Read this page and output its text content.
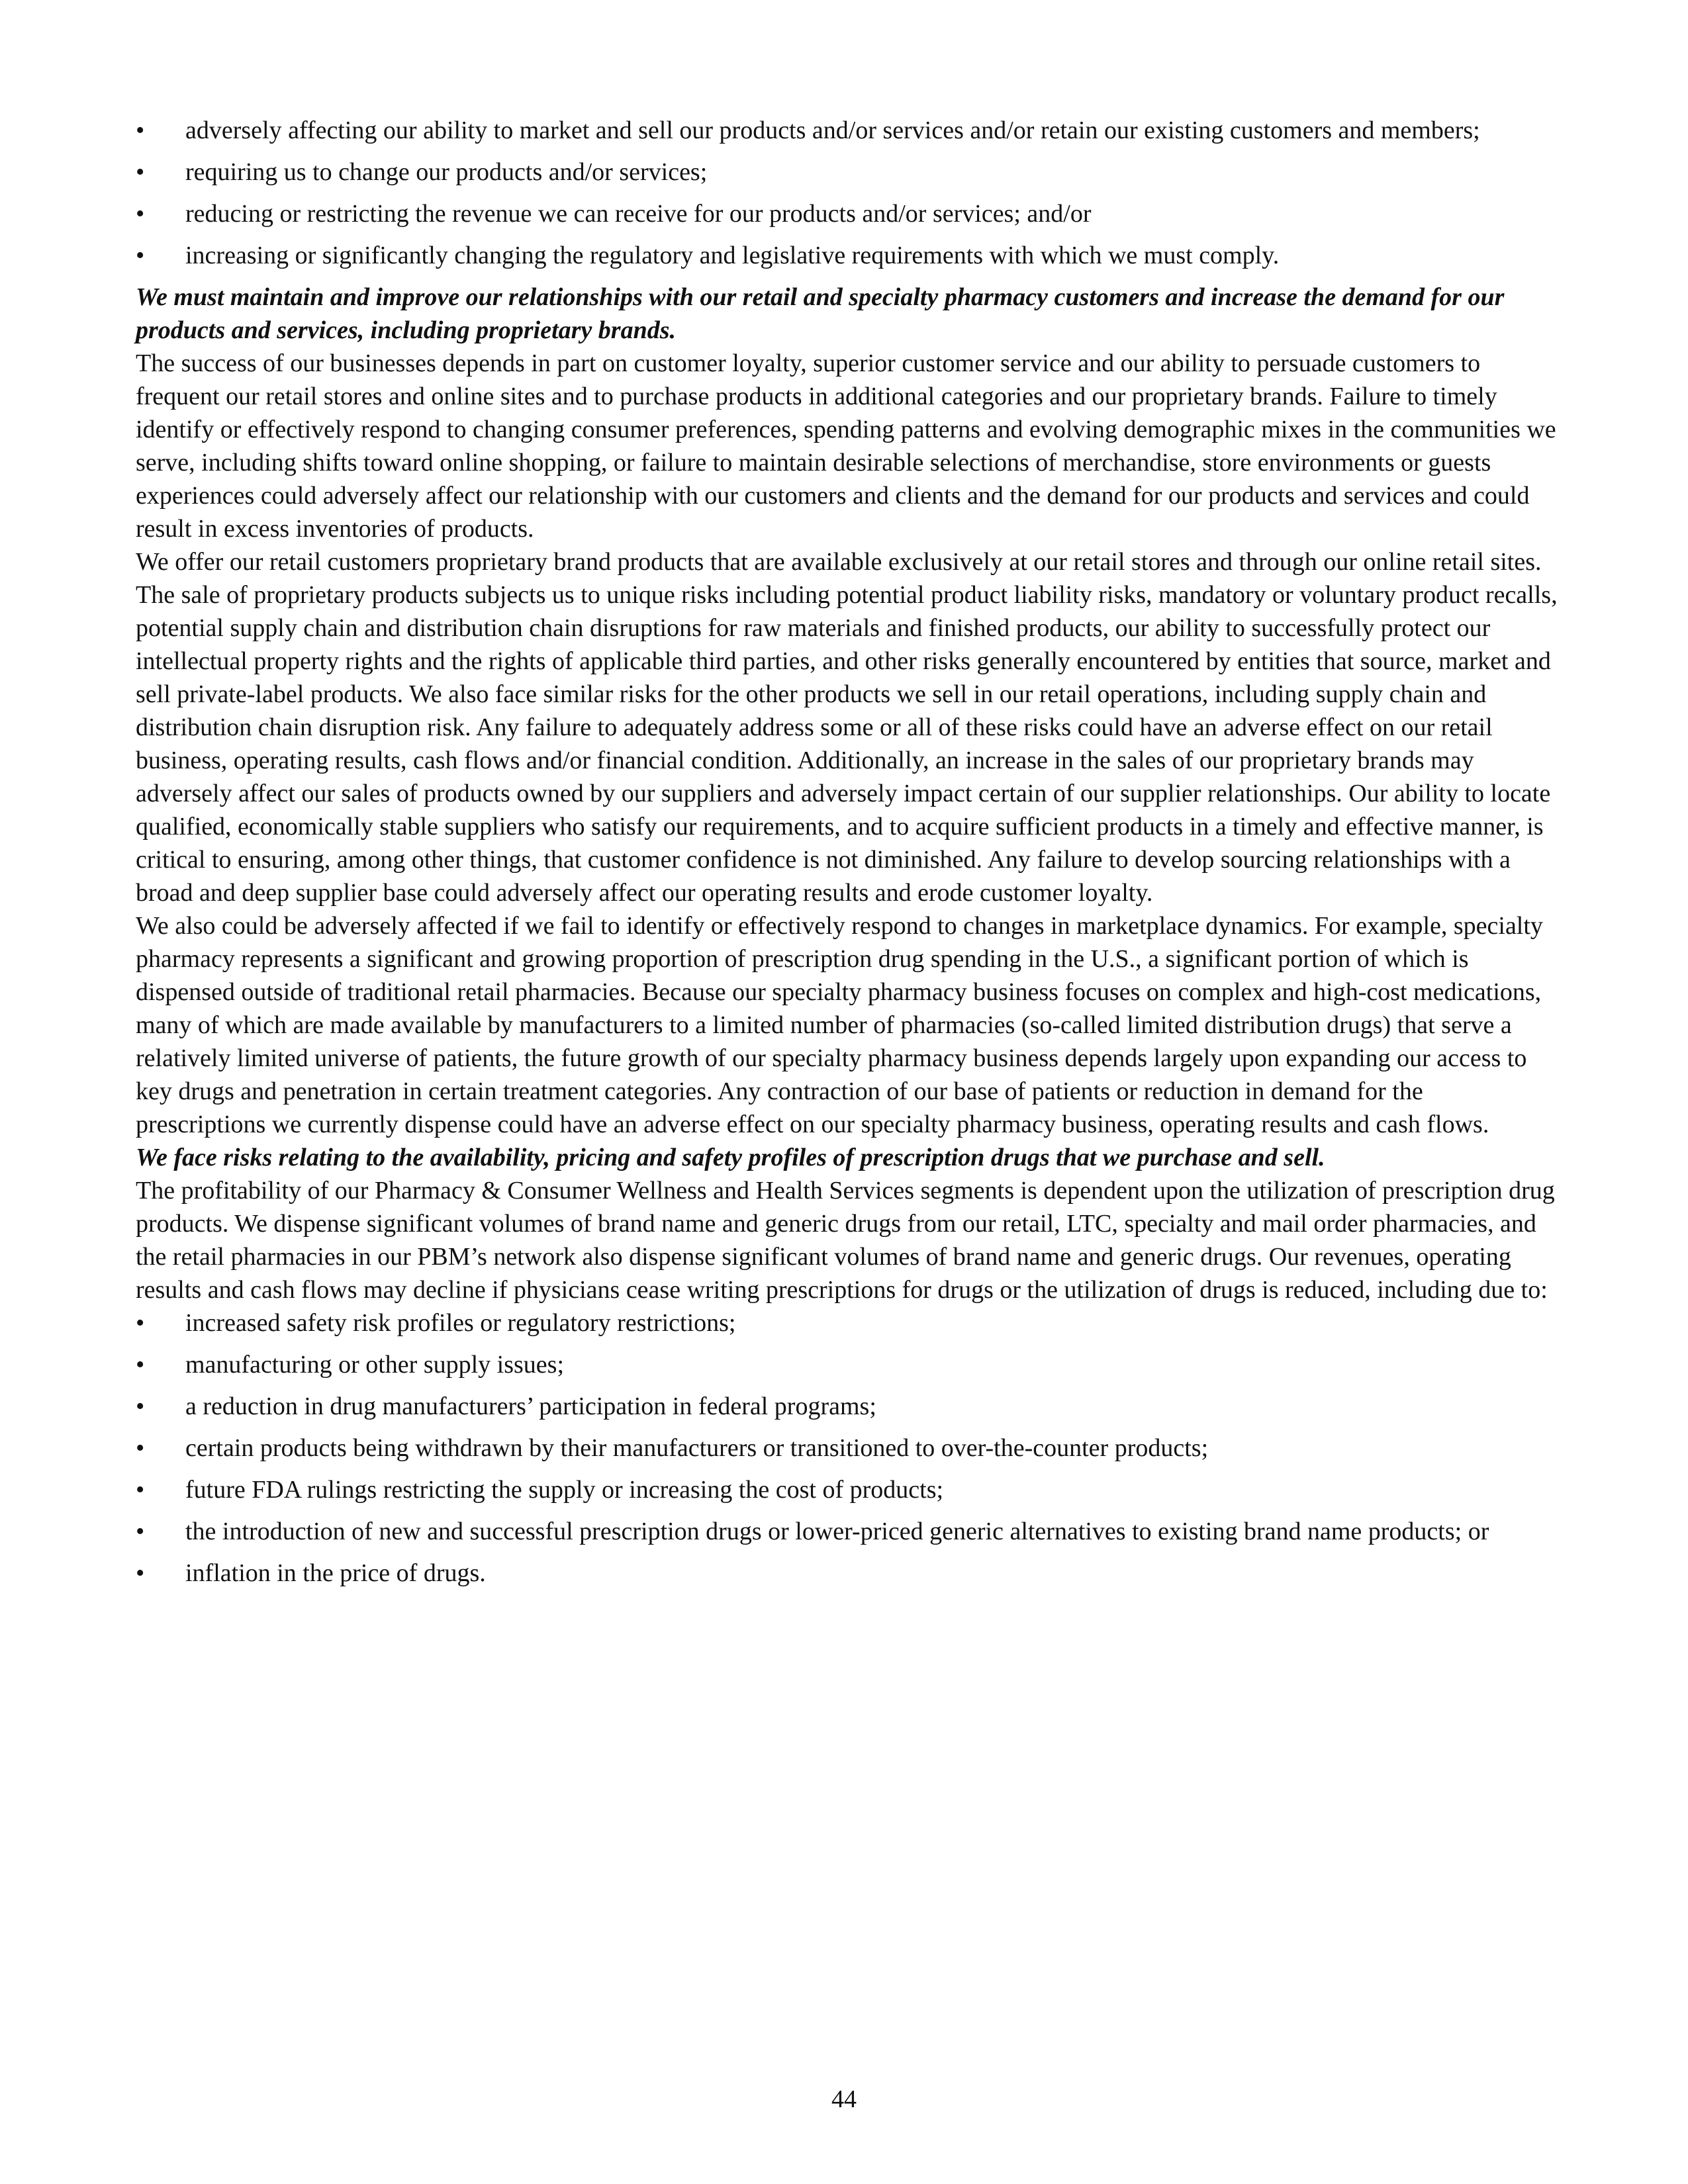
•	adversely affecting our ability to market and sell our products and/or services and/or retain our existing customers and members;
•	requiring us to change our products and/or services;
•	reducing or restricting the revenue we can receive for our products and/or services; and/or
•	increasing or significantly changing the regulatory and legislative requirements with which we must comply.
We must maintain and improve our relationships with our retail and specialty pharmacy customers and increase the demand for our products and services, including proprietary brands.

The success of our businesses depends in part on customer loyalty, superior customer service and our ability to persuade customers to frequent our retail stores and online sites and to purchase products in additional categories and our proprietary brands. Failure to timely identify or effectively respond to changing consumer preferences, spending patterns and evolving demographic mixes in the communities we serve, including shifts toward online shopping, or failure to maintain desirable selections of merchandise, store environments or guests experiences could adversely affect our relationship with our customers and clients and the demand for our products and services and could result in excess inventories of products.

We offer our retail customers proprietary brand products that are available exclusively at our retail stores and through our online retail sites. The sale of proprietary products subjects us to unique risks including potential product liability risks, mandatory or voluntary product recalls, potential supply chain and distribution chain disruptions for raw materials and finished products, our ability to successfully protect our intellectual property rights and the rights of applicable third parties, and other risks generally encountered by entities that source, market and sell private-label products. We also face similar risks for the other products we sell in our retail operations, including supply chain and distribution chain disruption risk. Any failure to adequately address some or all of these risks could have an adverse effect on our retail business, operating results, cash flows and/or financial condition. Additionally, an increase in the sales of our proprietary brands may adversely affect our sales of products owned by our suppliers and adversely impact certain of our supplier relationships. Our ability to locate qualified, economically stable suppliers who satisfy our requirements, and to acquire sufficient products in a timely and effective manner, is critical to ensuring, among other things, that customer confidence is not diminished. Any failure to develop sourcing relationships with a broad and deep supplier base could adversely affect our operating results and erode customer loyalty.

We also could be adversely affected if we fail to identify or effectively respond to changes in marketplace dynamics. For example, specialty pharmacy represents a significant and growing proportion of prescription drug spending in the U.S., a significant portion of which is dispensed outside of traditional retail pharmacies. Because our specialty pharmacy business focuses on complex and high-cost medications, many of which are made available by manufacturers to a limited number of pharmacies (so-called limited distribution drugs) that serve a relatively limited universe of patients, the future growth of our specialty pharmacy business depends largely upon expanding our access to key drugs and penetration in certain treatment categories. Any contraction of our base of patients or reduction in demand for the prescriptions we currently dispense could have an adverse effect on our specialty pharmacy business, operating results and cash flows.

We face risks relating to the availability, pricing and safety profiles of prescription drugs that we purchase and sell.

The profitability of our Pharmacy & Consumer Wellness and Health Services segments is dependent upon the utilization of prescription drug products. We dispense significant volumes of brand name and generic drugs from our retail, LTC, specialty and mail order pharmacies, and the retail pharmacies in our PBM’s network also dispense significant volumes of brand name and generic drugs. Our revenues, operating results and cash flows may decline if physicians cease writing prescriptions for drugs or the utilization of drugs is reduced, including due to:

•	increased safety risk profiles or regulatory restrictions;
•	manufacturing or other supply issues;
•	a reduction in drug manufacturers’ participation in federal programs;
•	certain products being withdrawn by their manufacturers or transitioned to over-the-counter products;
•	future FDA rulings restricting the supply or increasing the cost of products;
•	the introduction of new and successful prescription drugs or lower-priced generic alternatives to existing brand name products; or
•	inflation in the price of drugs.
44
